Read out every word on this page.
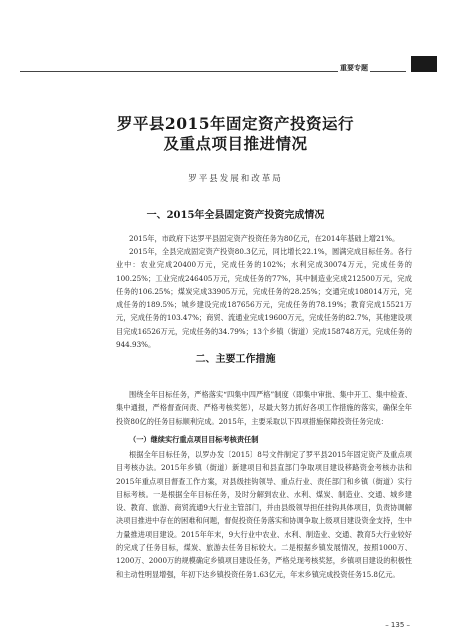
重要专题
罗平县2015年固定资产投资运行
及重点项目推进情况
罗平县发展和改革局
一、2015年全县固定资产投资完成情况
2015年，市政府下达罗平县固定资产投资任务为80亿元，在2014年基础上增21%。
2015年，全县完成固定资产投资80.3亿元，同比增长22.1%，圆满完成目标任务。各行业中：农业完成20400万元，完成任务的102%；水利完成30074万元，完成任务的100.25%；工业完成246405万元，完成任务的77%，其中制造业完成212500万元，完成任务的106.25%；煤炭完成33905万元，完成任务的28.25%；交通完成108014万元，完成任务的189.5%；城乡建设完成187656万元，完成任务的78.19%；教育完成15521万元，完成任务的103.47%；商贸、流通业完成19600万元，完成任务的82.7%，其他建设项目完成16526万元，完成任务的34.79%；13个乡镇（街道）完成158748万元，完成任务的944.93%。
二、主要工作措施
围绕全年目标任务，严格落实“四集中四严格”制度（即集中审批、集中开工、集中检查、集中通报，严格督查问责、严格考核奖惩），尽最大努力抓好各项工作措施的落实，确保全年投资80亿的任务目标顺利完成。2015年，主要采取以下四项措施保障投资任务完成：
（一）继续实行重点项目目标考核责任制
根据全年目标任务，以罗办发〔2015〕8号文件制定了罗平县2015年固定资产及重点项目考核办法。2015年乡镇（街道）新建项目和县直部门争取项目建设移路资金考核办法和2015年重点项目督查工作方案，对县级挂钩领导、重点行业、责任部门和乡镇（街道）实行目标考核。一是根据全年目标任务，及时分解到农业、水利、煤炭、制造业、交通、城乡建设、教育、旅游、商贸流通9大行业主管部门，并由县级领导担任挂钩具体项目，负责协调解决项目推进中存在的困难和问题，督促投资任务落实和协调争取上级项目建设资金支持，生中力量推进项目建设。2015年年末，9大行业中农业、水利、制造业、交通、教育5大行业较好的完成了任务目标，煤炭、旅游去任务目标较大。二是根据乡镇发展情况，按照1000万、1200万、2000万的规模确定乡镇项目建设任务，严格兑现考核奖惩，乡镇项目建设的积极性和主动性明显增强，年初下达乡镇投资任务1.63亿元，年末乡镇完成投资任务15.8亿元。
– 135 –
